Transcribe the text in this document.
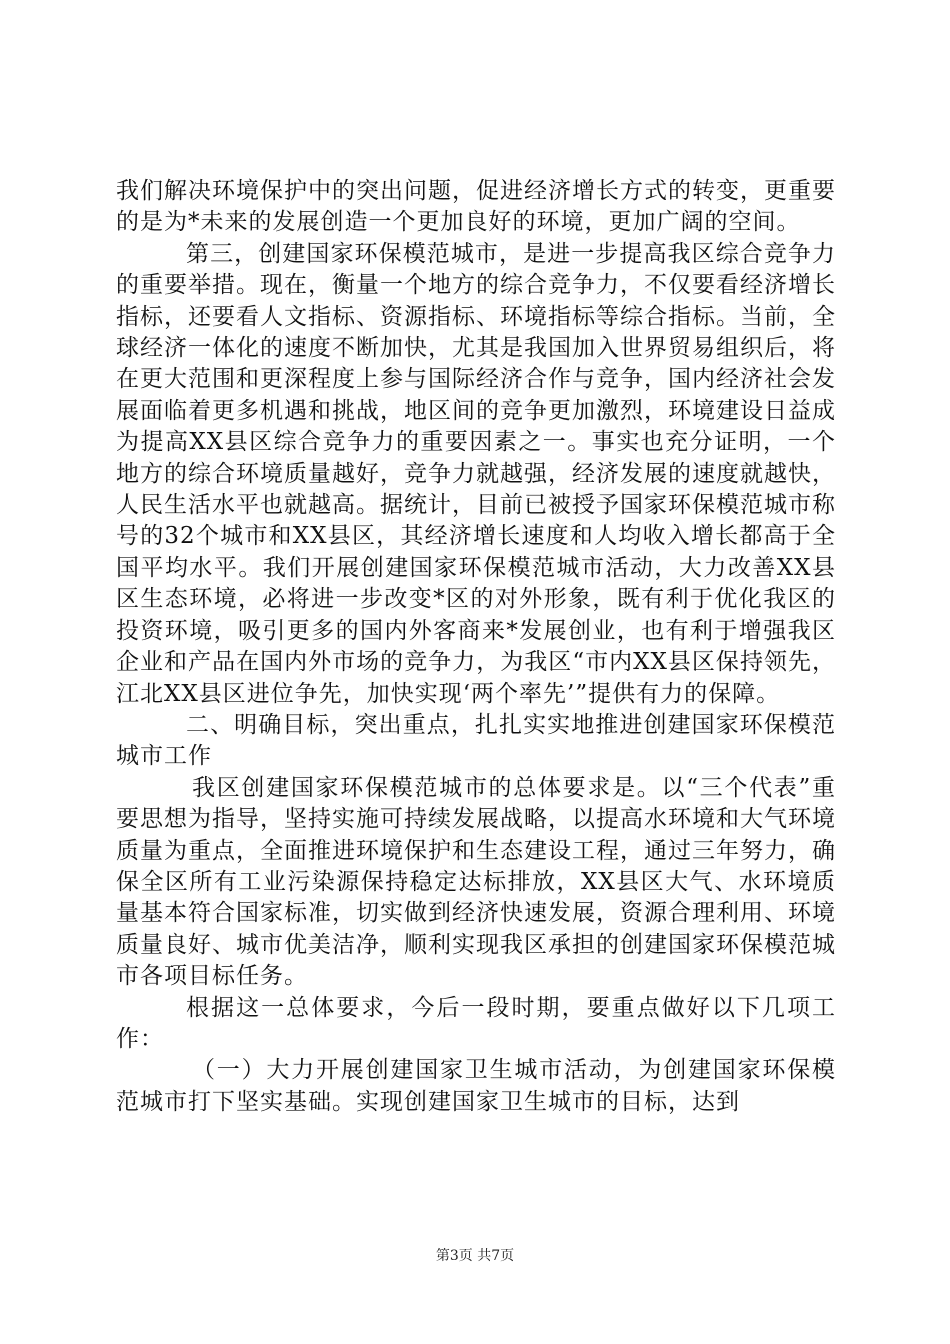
我们解决环境保护中的突出问题，促进经济增长方式的转变，更重要的是为*未来的发展创造一个更加良好的环境，更加广阔的空间。

第三，创建国家环保模范城市，是进一步提高我区综合竞争力的重要举措。现在，衡量一个地方的综合竞争力，不仅要看经济增长指标，还要看人文指标、资源指标、环境指标等综合指标。当前，全球经济一体化的速度不断加快，尤其是我国加入世界贸易组织后，将在更大范围和更深程度上参与国际经济合作与竞争，国内经济社会发展面临着更多机遇和挑战，地区间的竞争更加激烈，环境建设日益成为提高XX县区综合竞争力的重要因素之一。事实也充分证明，一个地方的综合环境质量越好，竞争力就越强，经济发展的速度就越快，人民生活水平也就越高。据统计，目前已被授予国家环保模范城市称号的32个城市和XX县区，其经济增长速度和人均收入增长都高于全国平均水平。我们开展创建国家环保模范城市活动，大力改善XX县区生态环境，必将进一步改变*区的对外形象，既有利于优化我区的投资环境，吸引更多的国内外客商来*发展创业，也有利于增强我区企业和产品在国内外市场的竞争力，为我区“市内XX县区保持领先，江北XX县区进位争先，加快实现‘两个率先’”提供有力的保障。

二、明确目标，突出重点，扎扎实实地推进创建国家环保模范城市工作

我区创建国家环保模范城市的总体要求是。以“三个代表”重要思想为指导，坚持实施可持续发展战略，以提高水环境和大气环境质量为重点，全面推进环境保护和生态建设工程，通过三年努力，确保全区所有工业污染源保持稳定达标排放，XX县区大气、水环境质量基本符合国家标准，切实做到经济快速发展，资源合理利用、环境质量良好、城市优美洁净，顺利实现我区承担的创建国家环保模范城市各项目标任务。

根据这一总体要求，今后一段时期，要重点做好以下几项工作：

（一）大力开展创建国家卫生城市活动，为创建国家环保模范城市打下坚实基础。实现创建国家卫生城市的目标，达到

第3页 共7页
